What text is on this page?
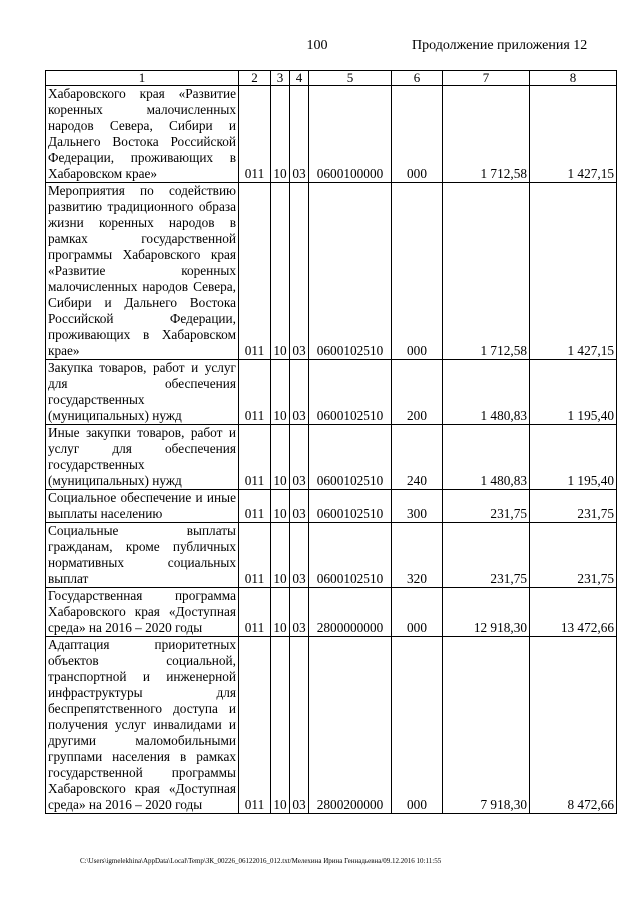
100	Продолжение приложения 12
1	2	3	4	5	6	7	8
Хабаровского края «Развитие коренных малочисленных народов Севера, Сибири и Дальнего Востока Российской Федерации, проживающих в Хабаровском крае»	011	10	03	0600100000	000	1 712,58	1 427,15
Мероприятия по содействию развитию традиционного образа жизни коренных народов в рамках государственной программы Хабаровского края «Развитие коренных малочисленных народов Севера, Сибири и Дальнего Востока Российской Федерации, проживающих в Хабаровском крае»	011	10	03	0600102510	000	1 712,58	1 427,15
Закупка товаров, работ и услуг для обеспечения государственных (муниципальных) нужд	011	10	03	0600102510	200	1 480,83	1 195,40
Иные закупки товаров, работ и услуг для обеспечения государственных (муниципальных) нужд	011	10	03	0600102510	240	1 480,83	1 195,40
Социальное обеспечение и иные выплаты населению	011	10	03	0600102510	300	231,75	231,75
Социальные выплаты гражданам, кроме публичных нормативных социальных выплат	011	10	03	0600102510	320	231,75	231,75
Государственная программа Хабаровского края «Доступная среда» на 2016 – 2020 годы	011	10	03	2800000000	000	12 918,30	13 472,66
Адаптация приоритетных объектов социальной, транспортной и инженерной инфраструктуры для беспрепятственного доступа и получения услуг инвалидами и другими маломобильными группами населения в рамках государственной программы Хабаровского края «Доступная среда» на 2016 – 2020 годы	011	10	03	2800200000	000	7 918,30	8 472,66
C:\Users\igmelekhina\AppData\Local\Temp\ЗК_00226_06122016_012.txt/Мелехина Ирина Геннадьевна/09.12.2016 10:11:55
